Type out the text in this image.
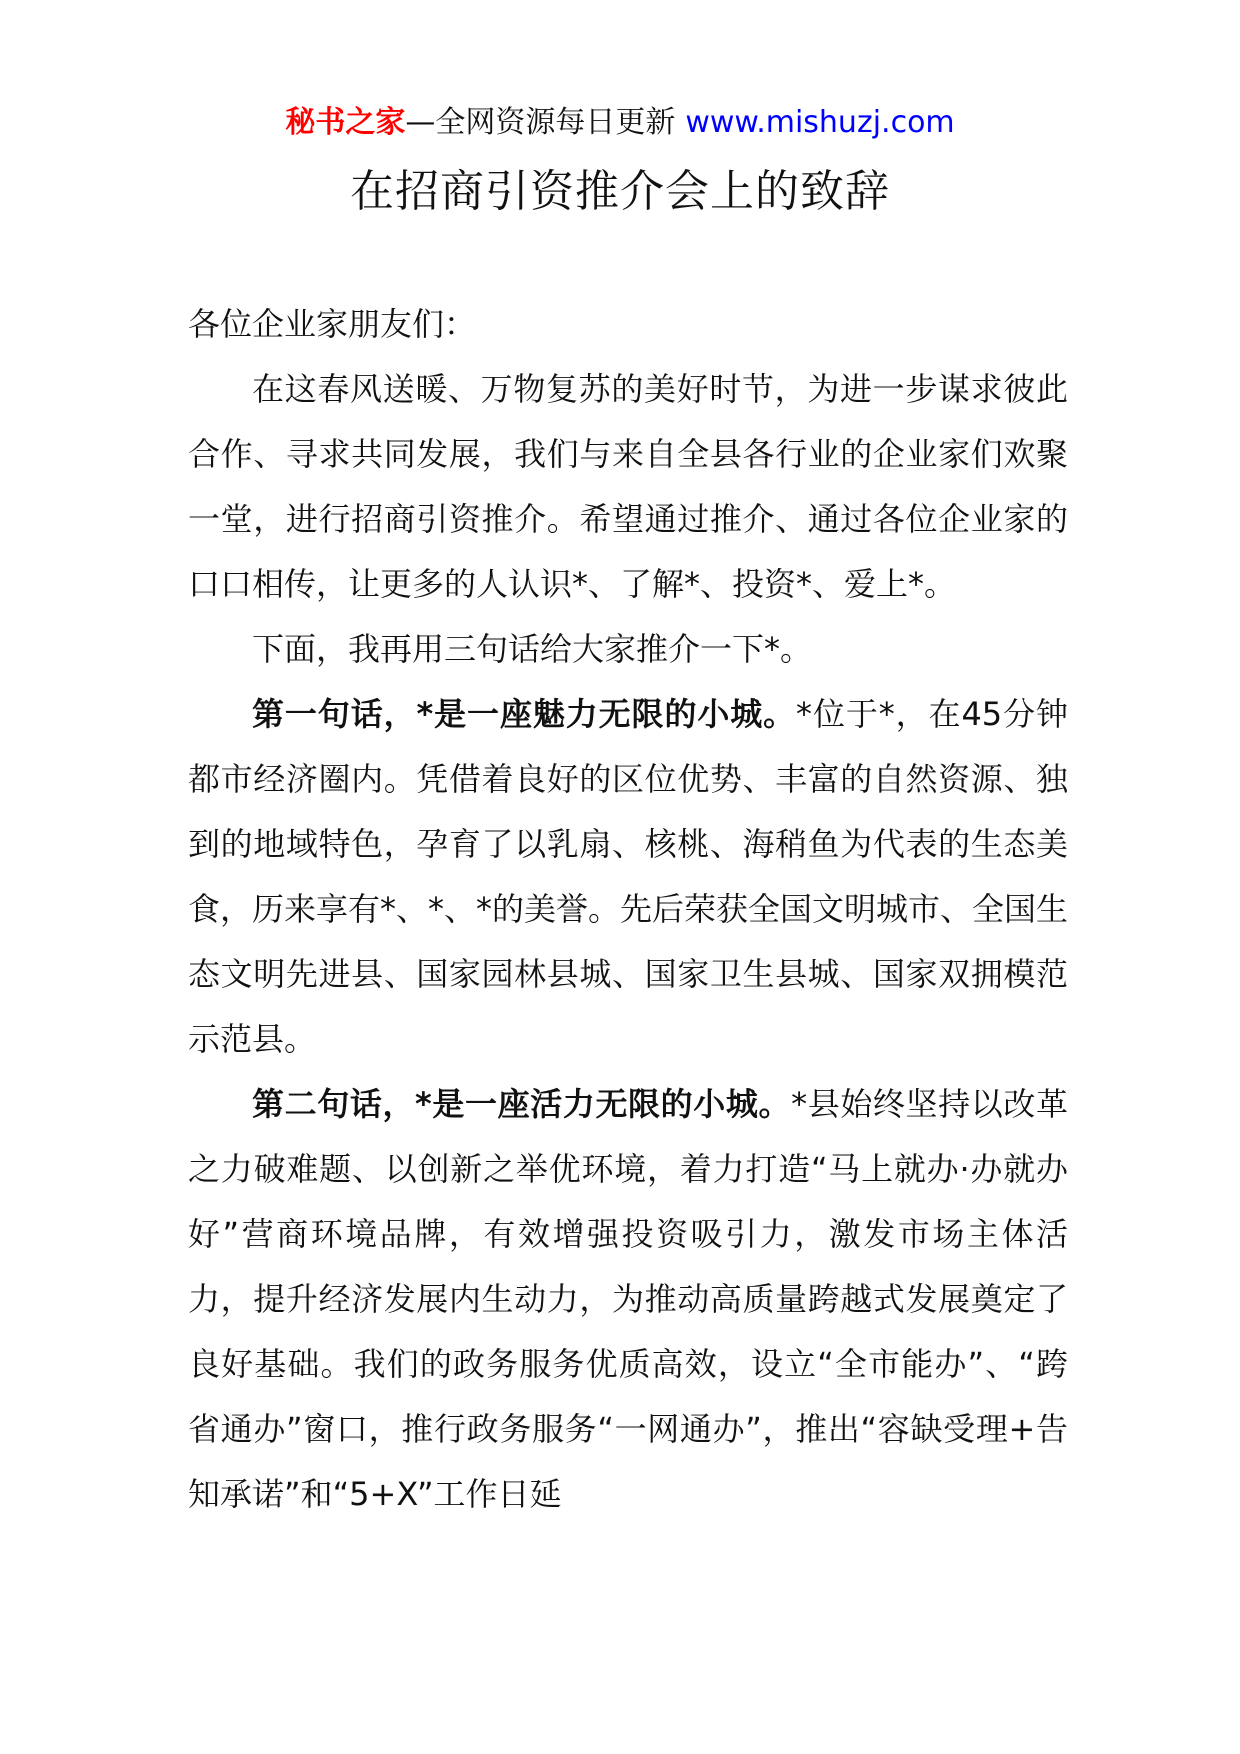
秘书之家—全网资源每日更新 www.mishuzj.com
在招商引资推介会上的致辞

各位企业家朋友们：

在这春风送暖、万物复苏的美好时节，为进一步谋求彼此合作、寻求共同发展，我们与来自全县各行业的企业家们欢聚一堂，进行招商引资推介。希望通过推介、通过各位企业家的口口相传，让更多的人认识*、了解*、投资*、爱上*。

下面，我再用三句话给大家推介一下*。

第一句话，*是一座魅力无限的小城。*位于*，在45分钟都市经济圈内。凭借着良好的区位优势、丰富的自然资源、独到的地域特色，孕育了以乳扇、核桃、海稍鱼为代表的生态美食，历来享有*、*、*的美誉。先后荣获全国文明城市、全国生态文明先进县、国家园林县城、国家卫生县城、国家双拥模范示范县。

第二句话，*是一座活力无限的小城。*县始终坚持以改革之力破难题、以创新之举优环境，着力打造“马上就办·办就办好”营商环境品牌，有效增强投资吸引力，激发市场主体活力，提升经济发展内生动力，为推动高质量跨越式发展奠定了良好基础。我们的政务服务优质高效，设立“全市能办”、“跨省通办”窗口，推行政务服务“一网通办”，推出“容缺受理+告知承诺”和“5+X”工作日延
